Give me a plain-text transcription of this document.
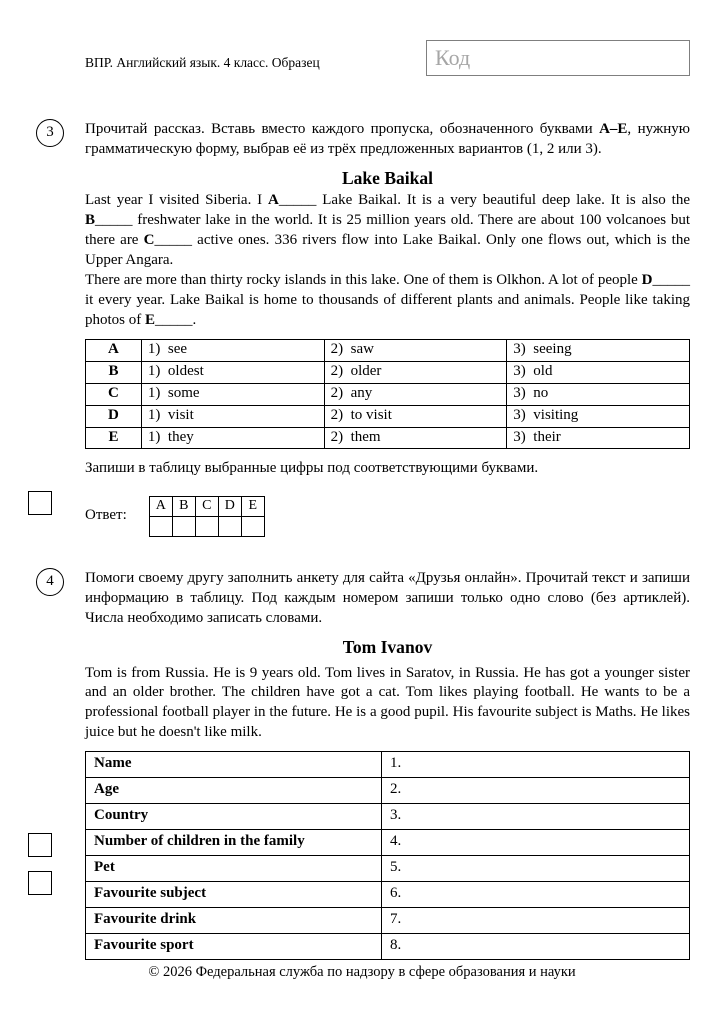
ВПР. Английский язык. 4 класс. Образец	Код
3 Прочитай рассказ. Вставь вместо каждого пропуска, обозначенного буквами А–Е, нужную грамматическую форму, выбрав её из трёх предложенных вариантов (1, 2 или 3).

Lake Baikal

Last year I visited Siberia. I A_____ Lake Baikal. It is a very beautiful deep lake. It is also the B_____ freshwater lake in the world. It is 25 million years old. There are about 100 volcanoes but there are C_____ active ones. 336 rivers flow into Lake Baikal. Only one flows out, which is the Upper Angara.

There are more than thirty rocky islands in this lake. One of them is Olkhon. A lot of people D_____ it every year. Lake Baikal is home to thousands of different plants and animals. People like taking photos of E_____.

A	1)  see	2)  saw	3)  seeing
B	1)  oldest	2)  older	3)  old
C	1)  some	2)  any	3)  no
D	1)  visit	2)  to visit	3)  visiting
E	1)  they	2)  them	3)  their

Запиши в таблицу выбранные цифры под соответствующими буквами.

Ответ:
A	B	C	D	E

4 Помоги своему другу заполнить анкету для сайта «Друзья онлайн». Прочитай текст и запиши информацию в таблицу. Под каждым номером запиши только одно слово (без артиклей). Числа необходимо записать словами.

Tom Ivanov

Tom is from Russia. He is 9 years old. Tom lives in Saratov, in Russia. He has got a younger sister and an older brother. The children have got a cat. Tom likes playing football. He wants to be a professional football player in the future. He is a good pupil. His favourite subject is Maths. He likes juice but he doesn't like milk.

Name	1.
Age	2.
Country	3.
Number of children in the family	4.
Pet	5.
Favourite subject	6.
Favourite drink	7.
Favourite sport	8.
© 2026 Федеральная служба по надзору в сфере образования и науки
